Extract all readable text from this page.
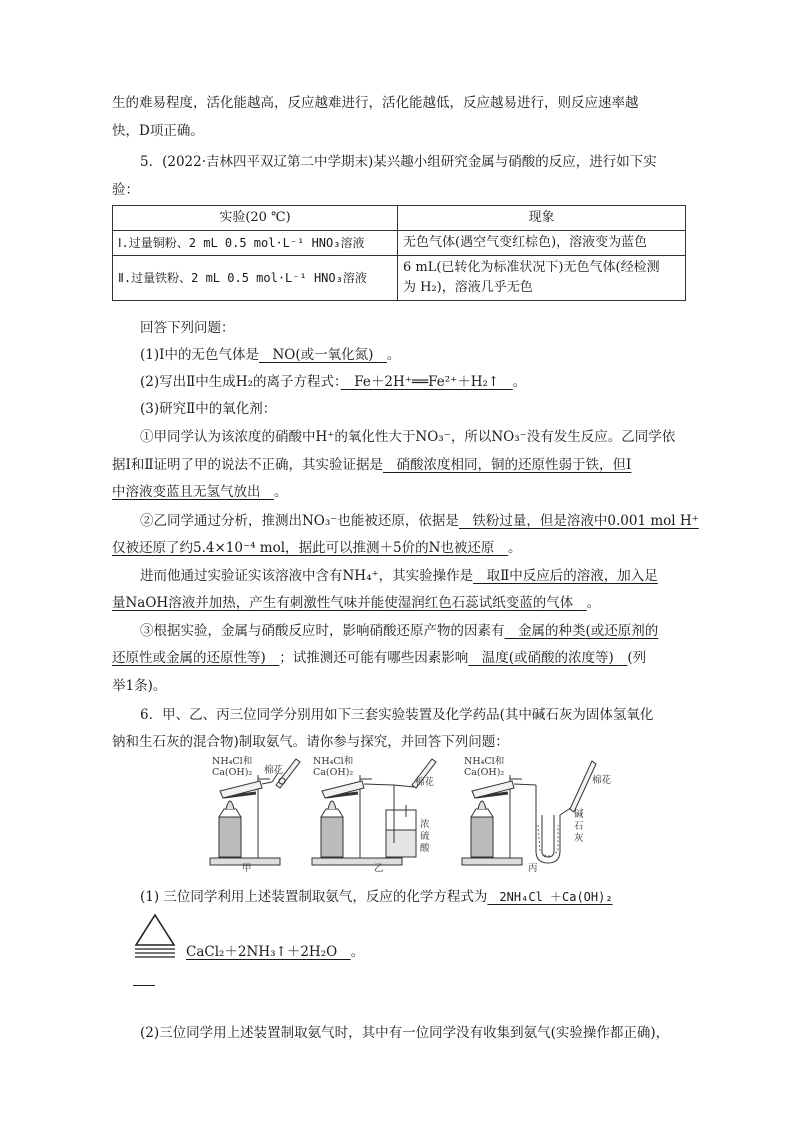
生的难易程度，活化能越高，反应越难进行，活化能越低，反应越易进行，则反应速率越
快，D项正确。
5．(2022·吉林四平双辽第二中学期末)某兴趣小组研究金属与硝酸的反应，进行如下实
验：
实验(20 ℃)	现象
Ⅰ.过量铜粉、2 mL 0.5 mol·L⁻¹ HNO₃溶液	无色气体(遇空气变红棕色)，溶液变为蓝色
Ⅱ.过量铁粉、2 mL 0.5 mol·L⁻¹ HNO₃溶液	6 mL(已转化为标准状况下)无色气体(经检测
为 H₂)，溶液几乎无色
回答下列问题：
(1)Ⅰ中的无色气体是　NO(或一氧化氮)　。
(2)写出Ⅱ中生成H₂的离子方程式：　Fe＋2H⁺══Fe²⁺＋H₂↑　。
(3)研究Ⅱ中的氧化剂：
①甲同学认为该浓度的硝酸中H⁺的氧化性大于NO₃⁻，所以NO₃⁻没有发生反应。乙同学依
据Ⅰ和Ⅱ证明了甲的说法不正确，其实验证据是　硝酸浓度相同，铜的还原性弱于铁，但Ⅰ
中溶液变蓝且无氢气放出　。
②乙同学通过分析，推测出NO₃⁻也能被还原，依据是　铁粉过量，但是溶液中0.001 mol H⁺
仅被还原了约5.4×10⁻⁴ mol，据此可以推测＋5价的N也被还原　。
进而他通过实验证实该溶液中含有NH₄⁺，其实验操作是　取Ⅱ中反应后的溶液，加入足
量NaOH溶液并加热，产生有刺激性气味并能使湿润红色石蕊试纸变蓝的气体　。
③根据实验，金属与硝酸反应时，影响硝酸还原产物的因素有　金属的种类(或还原剂的
还原性或金属的还原性等)　；试推测还可能有哪些因素影响　温度(或硝酸的浓度等)　(列
举1条)。
6．甲、乙、丙三位同学分别用如下三套实验装置及化学药品(其中碱石灰为固体氢氧化
钠和生石灰的混合物)制取氨气。请你参与探究，并回答下列问题：
NH₄Cl和
Ca(OH)₂ 棉花
甲
NH₄Cl和
Ca(OH)₂
棉花
浓
硫
酸
乙
NH₄Cl和
Ca(OH)₂
棉花
碱
石
灰
丙
(1) 三位同学利用上述装置制取氨气，反应的化学方程式为　2NH₄Cl ＋Ca(OH)₂
CaCl₂＋2NH₃↑＋2H₂O　。
(2)三位同学用上述装置制取氨气时，其中有一位同学没有收集到氨气(实验操作都正确)，
